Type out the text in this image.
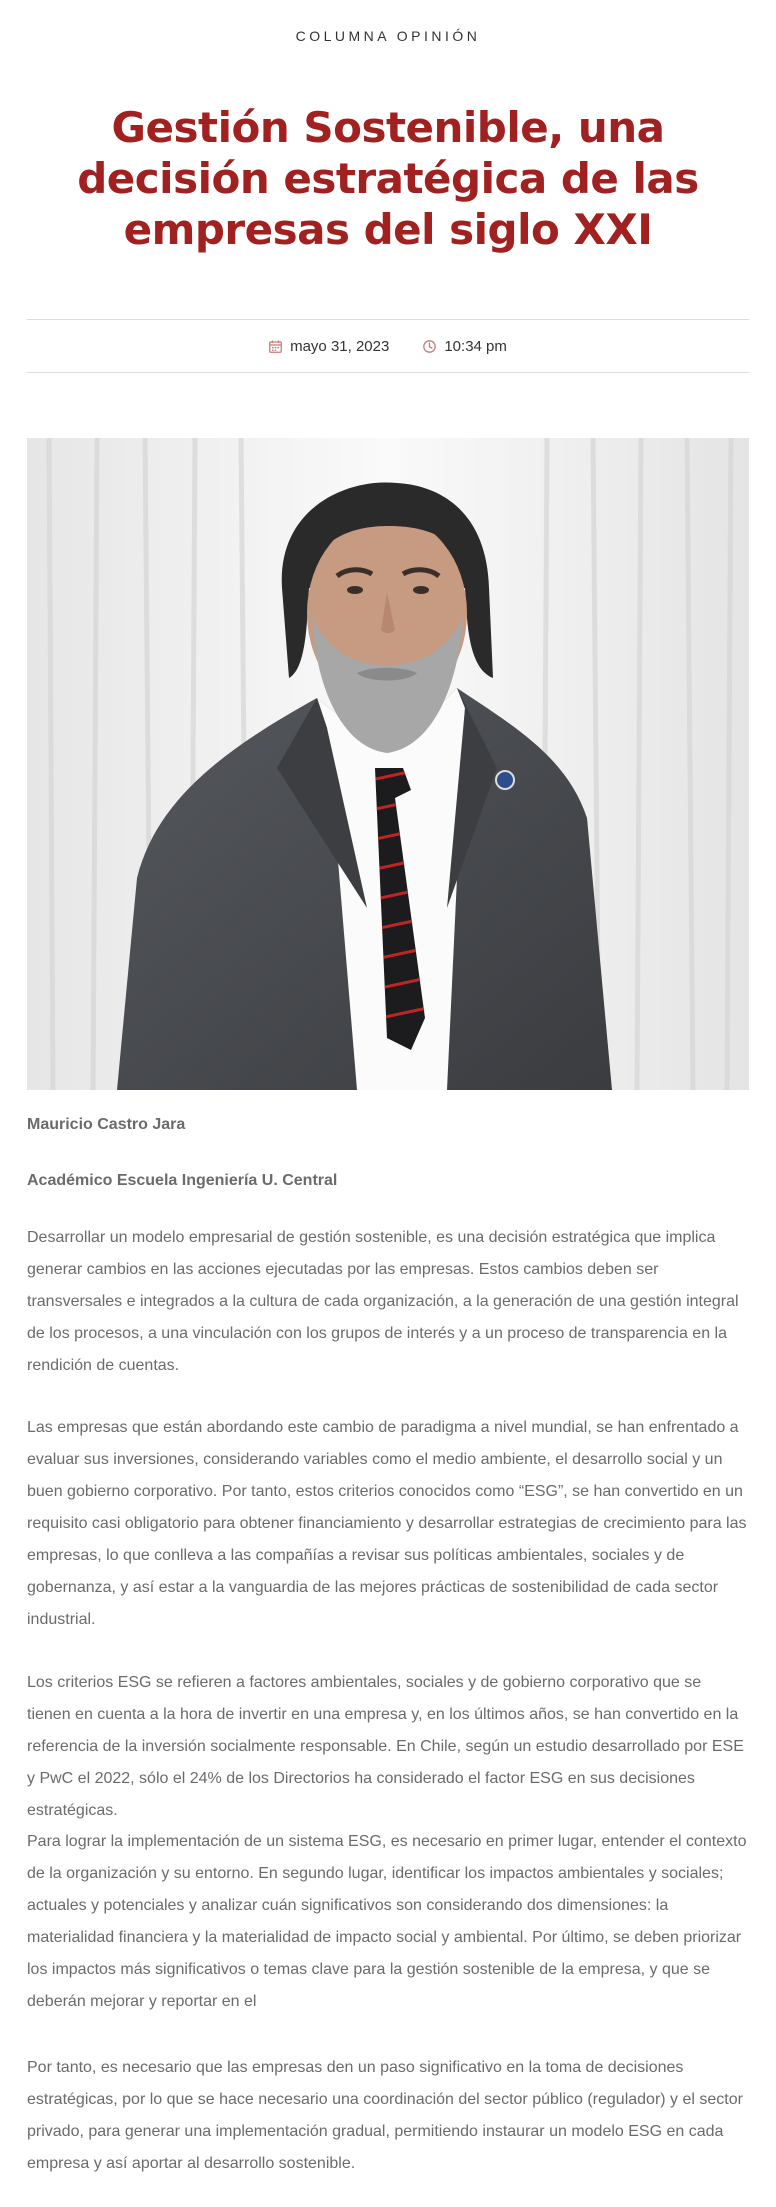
COLUMNA OPINIÓN
Gestión Sostenible, una decisión estratégica de las empresas del siglo XXI
mayo 31, 2023	10:34 pm

Mauricio Castro Jara

Académico Escuela Ingeniería U. Central

Desarrollar un modelo empresarial de gestión sostenible, es una decisión estratégica que implica generar cambios en las acciones ejecutadas por las empresas. Estos cambios deben ser transversales e integrados a la cultura de cada organización, a la generación de una gestión integral de los procesos, a una vinculación con los grupos de interés y a un proceso de transparencia en la rendición de cuentas.

Las empresas que están abordando este cambio de paradigma a nivel mundial, se han enfrentado a evaluar sus inversiones, considerando variables como el medio ambiente, el desarrollo social y un buen gobierno corporativo. Por tanto, estos criterios conocidos como “ESG”, se han convertido en un requisito casi obligatorio para obtener financiamiento y desarrollar estrategias de crecimiento para las empresas, lo que conlleva a las compañías a revisar sus políticas ambientales, sociales y de gobernanza, y así estar a la vanguardia de las mejores prácticas de sostenibilidad de cada sector industrial.

Los criterios ESG se refieren a factores ambientales, sociales y de gobierno corporativo que se tienen en cuenta a la hora de invertir en una empresa y, en los últimos años, se han convertido en la referencia de la inversión socialmente responsable. En Chile, según un estudio desarrollado por ESE y PwC el 2022, sólo el 24% de los Directorios ha considerado el factor ESG en sus decisiones estratégicas.

Para lograr la implementación de un sistema ESG, es necesario en primer lugar, entender el contexto de la organización y su entorno. En segundo lugar, identificar los impactos ambientales y sociales; actuales y potenciales y analizar cuán significativos son considerando dos dimensiones: la materialidad financiera y la materialidad de impacto social y ambiental. Por último, se deben priorizar los impactos más significativos o temas clave para la gestión sostenible de la empresa, y que se deberán mejorar y reportar en el

Por tanto, es necesario que las empresas den un paso significativo en la toma de decisiones estratégicas, por lo que se hace necesario una coordinación del sector público (regulador) y el sector privado, para generar una implementación gradual, permitiendo instaurar un modelo ESG en cada empresa y así aportar al desarrollo sostenible.
